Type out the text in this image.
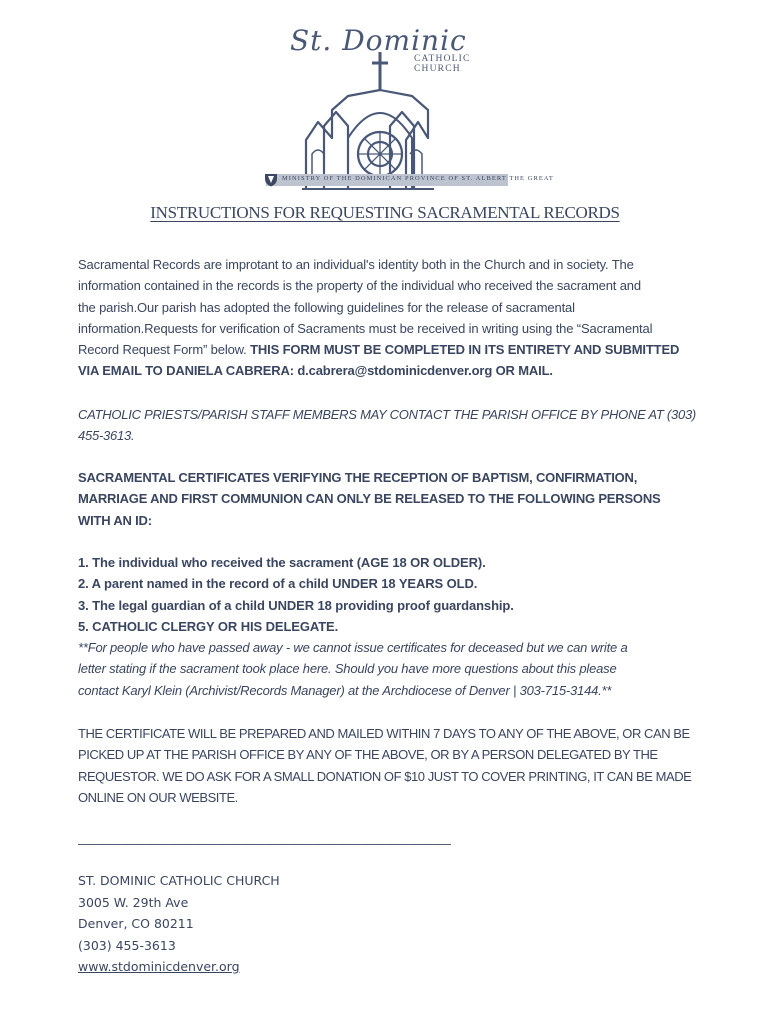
St. Dominic
CATHOLIC CHURCH
MINISTRY OF THE DOMINICAN PROVINCE OF ST. ALBERT THE GREAT
INSTRUCTIONS FOR REQUESTING SACRAMENTAL RECORDS

Sacramental Records are improtant to an individual's identity both in the Church and in society. The

information contained in the records is the property of the individual who received the sacrament and

the parish.Our parish has adopted the following guidelines for the release of sacramental

information.Requests for verification of Sacraments must be received in writing using the “Sacramental

Record Request Form” below. THIS FORM MUST BE COMPLETED IN ITS ENTIRETY AND SUBMITTED

VIA EMAIL TO DANIELA CABRERA: d.cabrera@stdominicdenver.org OR MAIL.

CATHOLIC PRIESTS/PARISH STAFF MEMBERS MAY CONTACT THE PARISH OFFICE BY PHONE AT (303)

455-3613.

SACRAMENTAL CERTIFICATES VERIFYING THE RECEPTION OF BAPTISM, CONFIRMATION,

MARRIAGE AND FIRST COMMUNION CAN ONLY BE RELEASED TO THE FOLLOWING PERSONS

WITH AN ID:

1. The individual who received the sacrament (AGE 18 OR OLDER).

2. A parent named in the record of a child UNDER 18 YEARS OLD.

3. The legal guardian of a child UNDER 18 providing proof guardanship.

5. CATHOLIC CLERGY OR HIS DELEGATE.

**For people who have passed away - we cannot issue certificates for deceased but we can write a

letter stating if the sacrament took place here. Should you have more questions about this please

contact Karyl Klein (Archivist/Records Manager) at the Archdiocese of Denver | 303-715-3144.**

THE CERTIFICATE WILL BE PREPARED AND MAILED WITHIN 7 DAYS TO ANY OF THE ABOVE, OR CAN BE

PICKED UP AT THE PARISH OFFICE BY ANY OF THE ABOVE, OR BY A PERSON DELEGATED BY THE

REQUESTOR. WE DO ASK FOR A SMALL DONATION OF $10 JUST TO COVER PRINTING, IT CAN BE MADE

ONLINE ON OUR WEBSITE.

———————————————————————————————
ST. DOMINIC CATHOLIC CHURCH
3005 W. 29th Ave
Denver, CO 80211
(303) 455-3613
www.stdominicdenver.org
